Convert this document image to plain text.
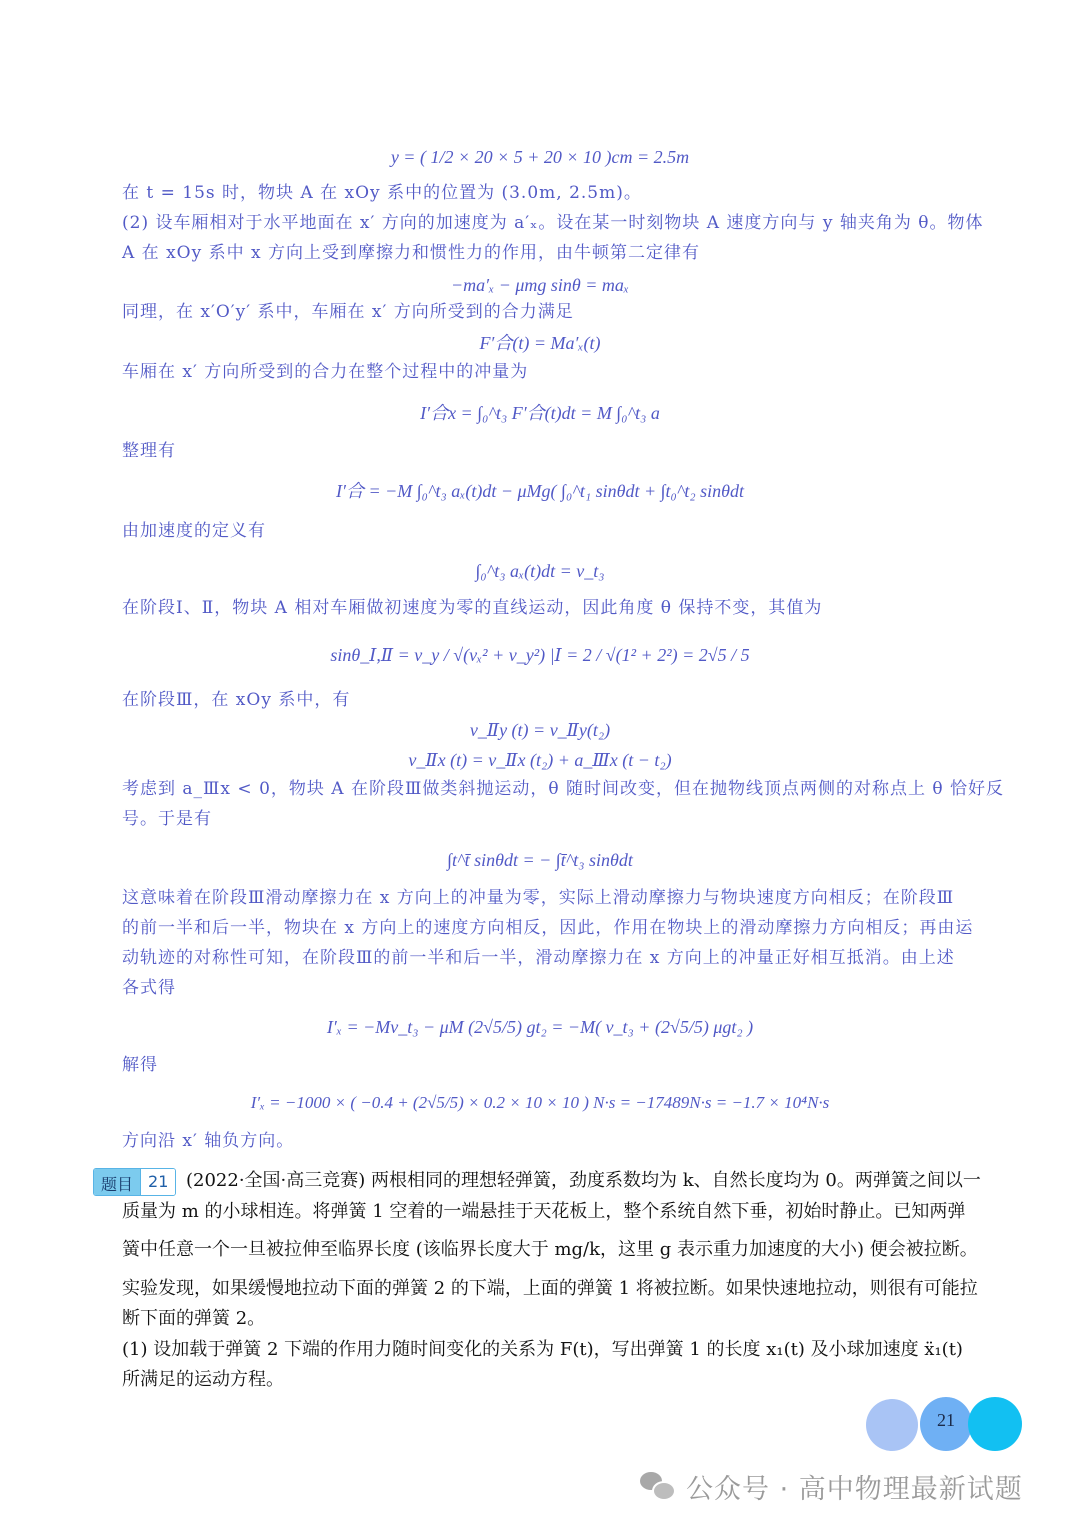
y = ( 1/2 × 20 × 5 + 20 × 10 )cm = 2.5m
在 t = 15s 时，物块 A 在 xOy 系中的位置为 (3.0m, 2.5m)。
(2) 设车厢相对于水平地面在 x′ 方向的加速度为 a′ₓ。设在某一时刻物块 A 速度方向与 y 轴夹角为 θ。物体
A 在 xOy 系中 x 方向上受到摩擦力和惯性力的作用，由牛顿第二定律有
−ma′ₓ − μmg sinθ = maₓ
同理，在 x′O′y′ 系中，车厢在 x′ 方向所受到的合力满足
F′合(t) = Ma′ₓ(t)
车厢在 x′ 方向所受到的合力在整个过程中的冲量为
I′合x = ∫₀^t₃ F′合(t)dt = M ∫₀^t₃ a
整理有
I′合 = −M ∫₀^t₃ aₓ(t)dt − μMg( ∫₀^t₁ sinθdt + ∫t₀^t₂ sinθdt
由加速度的定义有
∫₀^t₃ aₓ(t)dt = v_t₃
在阶段Ⅰ、Ⅱ，物块 A 相对车厢做初速度为零的直线运动，因此角度 θ 保持不变，其值为
sinθ_Ⅰ,Ⅱ = v_y / √(vₓ² + v_y²) |Ⅰ = 2 / √(1² + 2²) = 2√5 / 5
在阶段Ⅲ，在 xOy 系中，有
v_Ⅱy (t) = v_Ⅱy(t₂)
v_Ⅱx (t) = v_Ⅱx (t₂) + a_Ⅲx (t − t₂)
考虑到 a_Ⅲx < 0，物块 A 在阶段Ⅲ做类斜抛运动，θ 随时间改变，但在抛物线顶点两侧的对称点上 θ 恰好反
号。于是有
∫t^t̄ sinθdt = − ∫t̄^t₃ sinθdt
这意味着在阶段Ⅲ滑动摩擦力在 x 方向上的冲量为零，实际上滑动摩擦力与物块速度方向相反；在阶段Ⅲ
的前一半和后一半，物块在 x 方向上的速度方向相反，因此，作用在物块上的滑动摩擦力方向相反；再由运
动轨迹的对称性可知，在阶段Ⅲ的前一半和后一半，滑动摩擦力在 x 方向上的冲量正好相互抵消。由上述
各式得
I′ₓ = −Mv_t₃ − μM (2√5/5) gt₂ = −M( v_t₃ + (2√5/5) μgt₂ )
解得
I′ₓ = −1000 × ( −0.4 + (2√5/5) × 0.2 × 10 × 10 ) N·s = −17489N·s = −1.7 × 10⁴N·s
方向沿 x′ 轴负方向。
题目 21 (2022·全国·高三竞赛) 两根相同的理想轻弹簧，劲度系数均为 k、自然长度均为 0。两弹簧之间以一
质量为 m 的小球相连。将弹簧 1 空着的一端悬挂于天花板上，整个系统自然下垂，初始时静止。已知两弹
簧中任意一个一旦被拉伸至临界长度 (该临界长度大于 mg/k，这里 g 表示重力加速度的大小) 便会被拉断。
实验发现，如果缓慢地拉动下面的弹簧 2 的下端，上面的弹簧 1 将被拉断。如果快速地拉动，则很有可能拉
断下面的弹簧 2。
(1) 设加载于弹簧 2 下端的作用力随时间变化的关系为 F(t)，写出弹簧 1 的长度 x₁(t) 及小球加速度 ẍ₁(t)
所满足的运动方程。
21
公众号 · 高中物理最新试题
